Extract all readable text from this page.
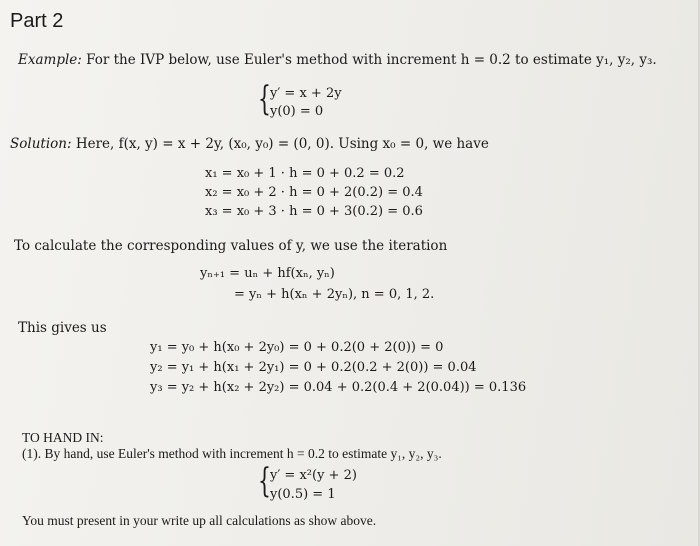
Part 2
Example: For the IVP below, use Euler's method with increment h = 0.2 to estimate y₁, y₂, y₃.
{ y′ = x + 2y
y(0) = 0
Solution: Here, f(x, y) = x + 2y, (x₀, y₀) = (0, 0). Using x₀ = 0, we have
x₁ = x₀ + 1 · h = 0 + 0.2 = 0.2
x₂ = x₀ + 2 · h = 0 + 2(0.2) = 0.4
x₃ = x₀ + 3 · h = 0 + 3(0.2) = 0.6
To calculate the corresponding values of y, we use the iteration
yₙ₊₁ = uₙ + hf(xₙ, yₙ)
= yₙ + h(xₙ + 2yₙ), n = 0, 1, 2.
This gives us
y₁ = y₀ + h(x₀ + 2y₀) = 0 + 0.2(0 + 2(0)) = 0
y₂ = y₁ + h(x₁ + 2y₁) = 0 + 0.2(0.2 + 2(0)) = 0.04
y₃ = y₂ + h(x₂ + 2y₂) = 0.04 + 0.2(0.4 + 2(0.04)) = 0.136
TO HAND IN:
(1). By hand, use Euler's method with increment h = 0.2 to estimate y₁, y₂, y₃.
{ y′ = x²(y + 2)
y(0.5) = 1
You must present in your write up all calculations as show above.
